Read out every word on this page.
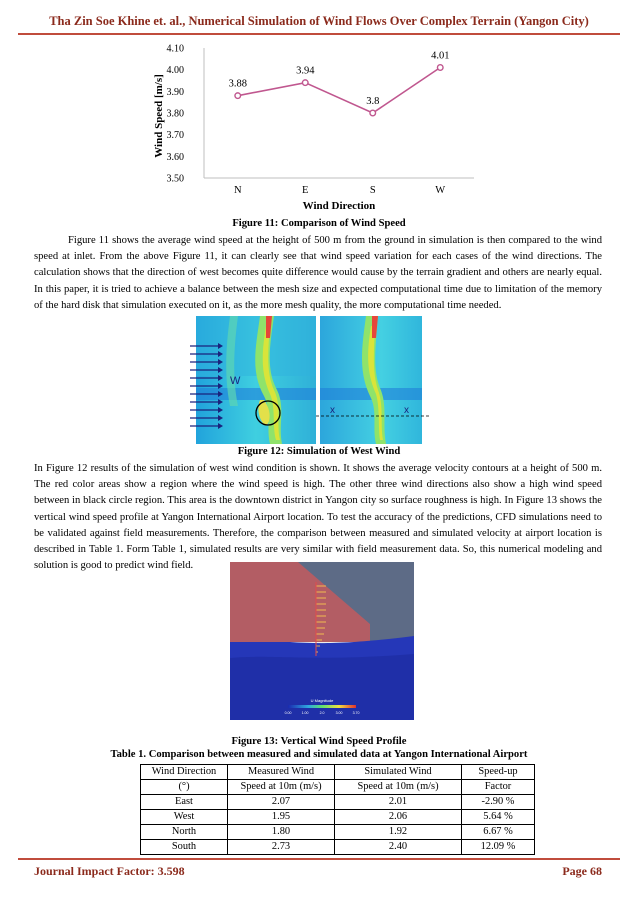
Tha Zin Soe Khine et. al., Numerical Simulation of Wind Flows Over Complex Terrain (Yangon City)
3.50
3.60
3.70
3.80
3.90
4.00
4.10
N	E	S	W
3.88
3.94
3.8
4.01
Wind Speed [m/s]
Wind Direction
Figure 11: Comparison of Wind Speed
Figure 11 shows the average wind speed at the height of 500 m from the ground in simulation is then compared to the wind speed at inlet. From the above Figure 11, it can clearly see that wind speed variation for each cases of the wind directions. The calculation shows that the direction of west becomes quite difference would cause by the terrain gradient and others are nearly equal. In this paper, it is tried to achieve a balance between the mesh size and expected computational time due to limitation of the memory of the hard disk that simulation executed on it, as the more mesh quality, the more computational time needed.
W
x	x
Figure 12: Simulation of West Wind
In Figure 12 results of the simulation of west wind condition is shown. It shows the average velocity contours at a height of 500 m. The red color areas show a region where the wind speed is high. The other three wind directions also show a high wind speed between in black circle region. This area is the downtown district in Yangon city so surface roughness is high. In Figure 13 shows the vertical wind speed profile at Yangon International Airport location. To test the accuracy of the predictions, CFD simulations need to be validated against field measurements. Therefore, the comparison between measured and simulated velocity at airport location is described in Table 1. Form Table 1, simulated results are very similar with field measurement data. So, this numerical modeling and solution is good to predict wind field.
U Magnitude
0.00	1.00	2.0	3.00	3.70
Figure 13: Vertical Wind Speed Profile
Table 1. Comparison between measured and simulated data at Yangon International Airport
Wind Direction	Measured Wind	Simulated Wind	Speed-up
(°)	Speed at 10m (m/s)	Speed at 10m (m/s)	Factor
East	2.07	2.01	-2.90 %
West	1.95	2.06	5.64 %
North	1.80	1.92	6.67 %
South	2.73	2.40	12.09 %
Journal Impact Factor: 3.598	Page 68
